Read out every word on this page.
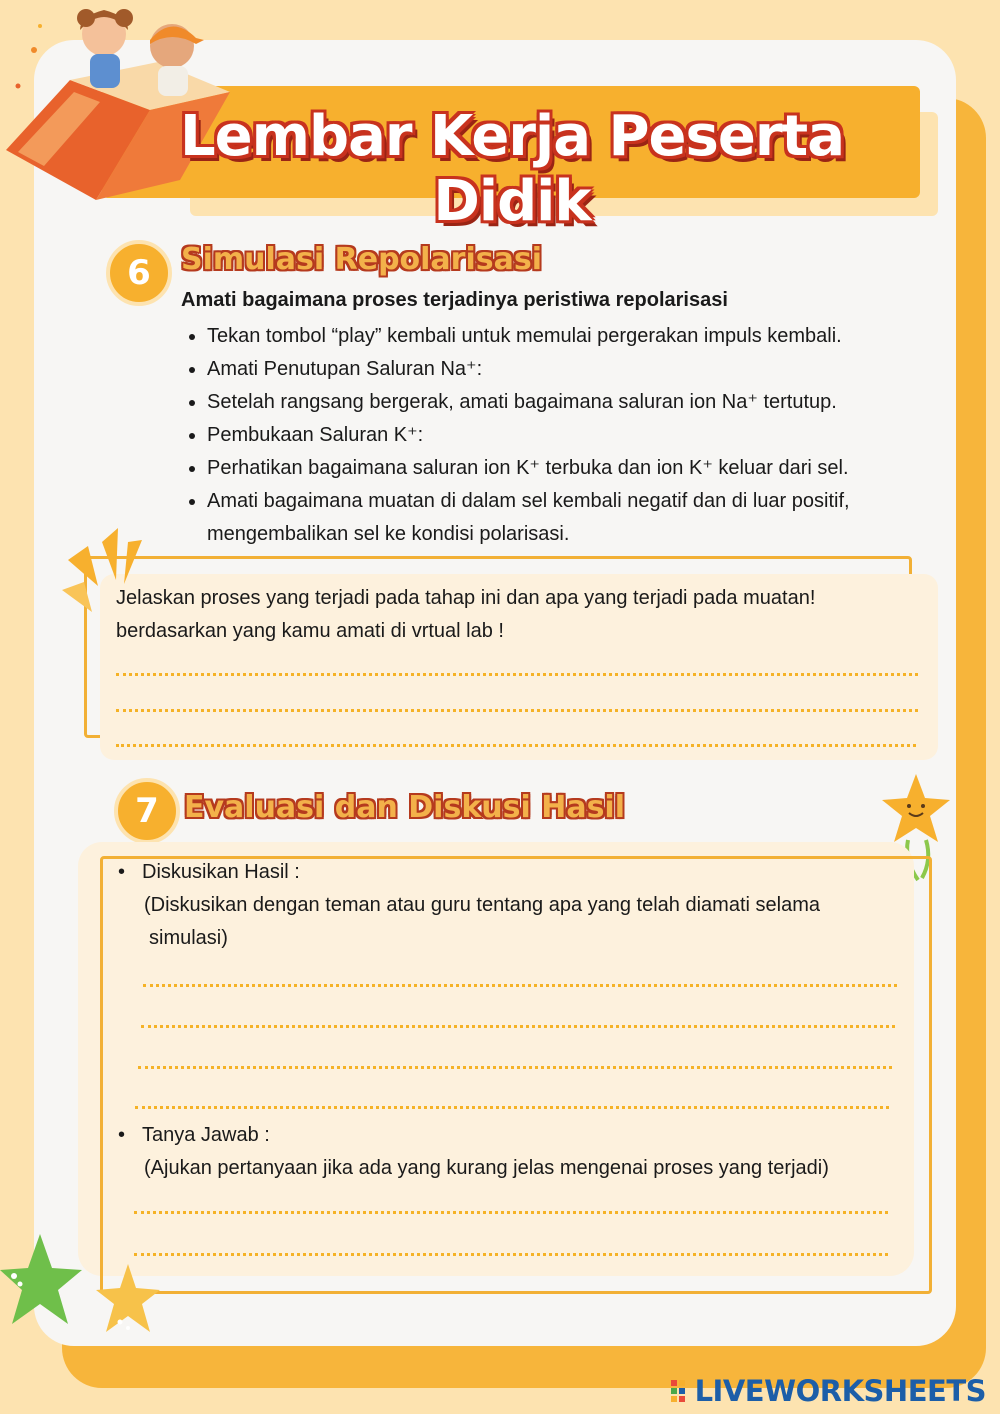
Lembar Kerja Peserta Didik
6	Simulasi Repolarisasi
Amati bagaimana proses terjadinya peristiwa repolarisasi
• Tekan tombol “play” kembali untuk memulai pergerakan impuls kembali.
• Amati Penutupan Saluran Na⁺:
• Setelah rangsang bergerak, amati bagaimana saluran ion Na⁺ tertutup.
• Pembukaan Saluran K⁺:
• Perhatikan bagaimana saluran ion K⁺ terbuka dan ion K⁺ keluar dari sel.
• Amati bagaimana muatan di dalam sel kembali negatif dan di luar positif, mengembalikan sel ke kondisi polarisasi.
Jelaskan proses yang terjadi pada tahap ini dan apa yang terjadi pada muatan!
berdasarkan yang kamu amati di vrtual lab !
7 Evaluasi dan Diskusi Hasil
• Diskusikan Hasil :
(Diskusikan dengan teman atau guru tentang apa yang telah diamati selama
simulasi)
• Tanya Jawab :
(Ajukan pertanyaan jika ada yang kurang jelas mengenai proses yang terjadi)
LIVEWORKSHEETS
